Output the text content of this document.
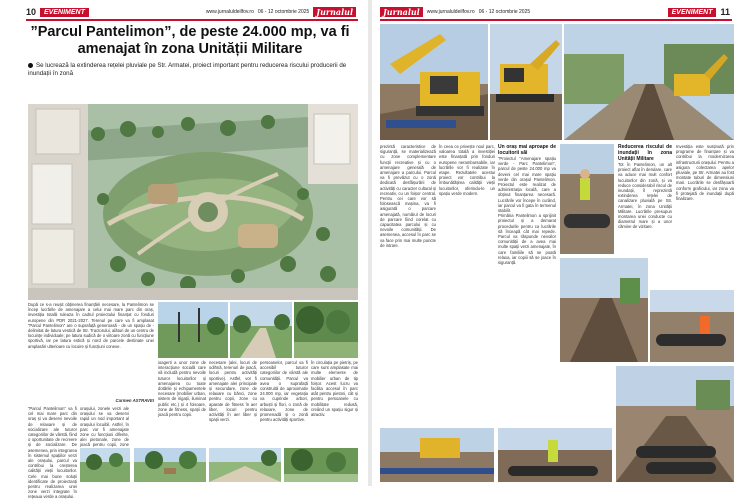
10	EVENIMENT	www.jurnaluldeilfov.ro 06 - 12 octombrie 2025 Jurnalul
”Parcul Pantelimon”, de peste 24.000 mp, va fi amenajat în zona Unității Militare
Se lucrează la extinderea rețelei pluviale pe Str. Armatei, proiect important pentru reducerea riscului producerii de inundații în zonă
După ce s-a reușit obținerea finanțării necesare, la Pantelimon se încep lucrările de amenajare a celui mai mare parc din oraș, investiția totală ruleaza în cadrul proiectului finanțat cu fonduri europene din PDR 2021-2027. Terenul pe care va fi amplasat ”Parcul Pantelimon” are o suprafață generoasă - de un spațiu de - delimitat de latura vestică de Str. Tractorului, alături de un centru de locuințe individuale; pe latura sudică de o viitoare zonă cu funcțiune sportivă, iar pe latura estică și nord de parcele destinate unei amplasări ulterioare cu locuire și funcțiuni conexe.
Carmen ASTRAVEI
”Parcul Pantelimon” va fi cel mai mare parc din oraș și va deservi nevoile de relaxare și de socializare ale tuturor categoriilor de vârstă, fiind o oportunitate de recreere și de socializare. De asemenea, prin integrarea în sistemul spațiilor verzi ale orașului, parcul va contribui la creșterea calității vieții locuitorilor. Cele mai bune soluții identificate de proiectanți pentru realizarea unei zone verzi integrate în rețeaua verde a orașului.
orașului, zonele verzi ale orașului se va deservi rapid un nod important al orașului locuibil. Astfel, în parc vor fi amenajate zone cu funcțiuni diferite, alei pietonale, zone de joacă pentru copii, zone
ioagerti a unor zone de interacțiune socială care să includă pentru nevoile tuturor locuitorilor și amenajarea cu toate dotările și echipamentele necesare (mobilier urban, sistem de irigații, iluminat public etc.) și 4 foisoare, zone de fitness, spații de joacă pentru copii.
necesare (alei, locuri de odihnă, terenuri de joacă, locuri pentru activități sportive). Astfel, vor fi amenajate alei principale și secundare, zone de relaxare cu bănci, zone pentru copii, zone cu aparate de fitness în aer liber, locuri pentru activități în aer liber și spații verzi.
persoanelor, parcul va fi accesibil tuturor categoriilor de vârstă ale comunității. Parcul va avea o suprafață construită de aproximativ 24.000 mp, iar vegetația va cuprinde arbori, arbuști și flori, o zonă de relaxare, zone de promenadă și o zonă pentru activități sportive.
În circulația pe pietriș, pe care sunt amplasate mai multe elemente de mobilier urban de tip foișor. Acest lucru va facilita accesul în parc atât pentru pietoni, cât și pentru persoanele cu mobilitate redusă, creând un spațiu sigur și atractiv.
Jurnalul	www.jurnaluldeilfov.ro 06 - 12 octombrie 2025	EVENIMENT 11
prezintă caracteristice de siguranță, se materializează cu zone complementare funcții recreative și cu o amenajare generală de amenajare a parcului. Parcul va fi prevăzut cu o zonă dedicată desfășurării de activități cu caracter cultural și recreativ, cu un foișor central. Pentru cei care vor să folosească mașina, va fi asigurată o parcare amenajată, numărul de locuri de parcare fiind corelat cu capacitatea parcului și cu nevoile comunității. De asemenea, accesul în parc se va face prin mai multe puncte de intrare.
În ceea ce privește noul parc, valoarea totală a investiției este finanțată prin fonduri europene nerambursabile, iar lucrările vor fi realizate în etape. Rezultatele acestui proiect vor contribui la îmbunătățirea calității vieții locuitorilor, oferindu-le un spațiu verde modern.
Un oraș mai aproape de locuitorii săi
”Proiectul ”Amenajare spațiu verde - Parc Pantelimon”, parcul de peste 24.000 mp va deveni cel mai mare spațiu verde din orașul Pantelimon. Proiectul este realizat de administrația locală, care a obținut finanțarea necesară. Lucrările vor începe în curând, iar parcul va fi gata în termenul stabilit.
Primăria Pantelimon a sprijinit proiectul și a demarat procedurile pentru ca lucrările să înceapă cât mai repede. Parcul va răspunde nevoilor comunității de a avea mai multe spații verzi amenajate, în care familiile să se poată relaxa, iar copiii să se joace în siguranță.
Reducerea riscului de inundații în zona Unității Militare
Tot în Pantelimon, un alt proiect aflat în derulare, care va aduce mai mult confort locuitorilor din zonă, și va reduce considerabil riscul de inundații, îl reprezintă extinderea rețelei de canalizare pluvială pe Str. Armatei, în zona Unității Militare. Lucrările presupun montarea unei conducte cu diametrul mare și a unor cămine de vizitare.
Investiția este susținută prin programe de finanțare și va contribui la modernizarea infrastructurii orașului. Pentru a asigura colectarea apelor pluviale, pe Str. Armatei au fost montate tuburi de dimensiuni mari. Lucrările se desfășoară conform graficului, iar zona va fi protejată de inundații după finalizare.
